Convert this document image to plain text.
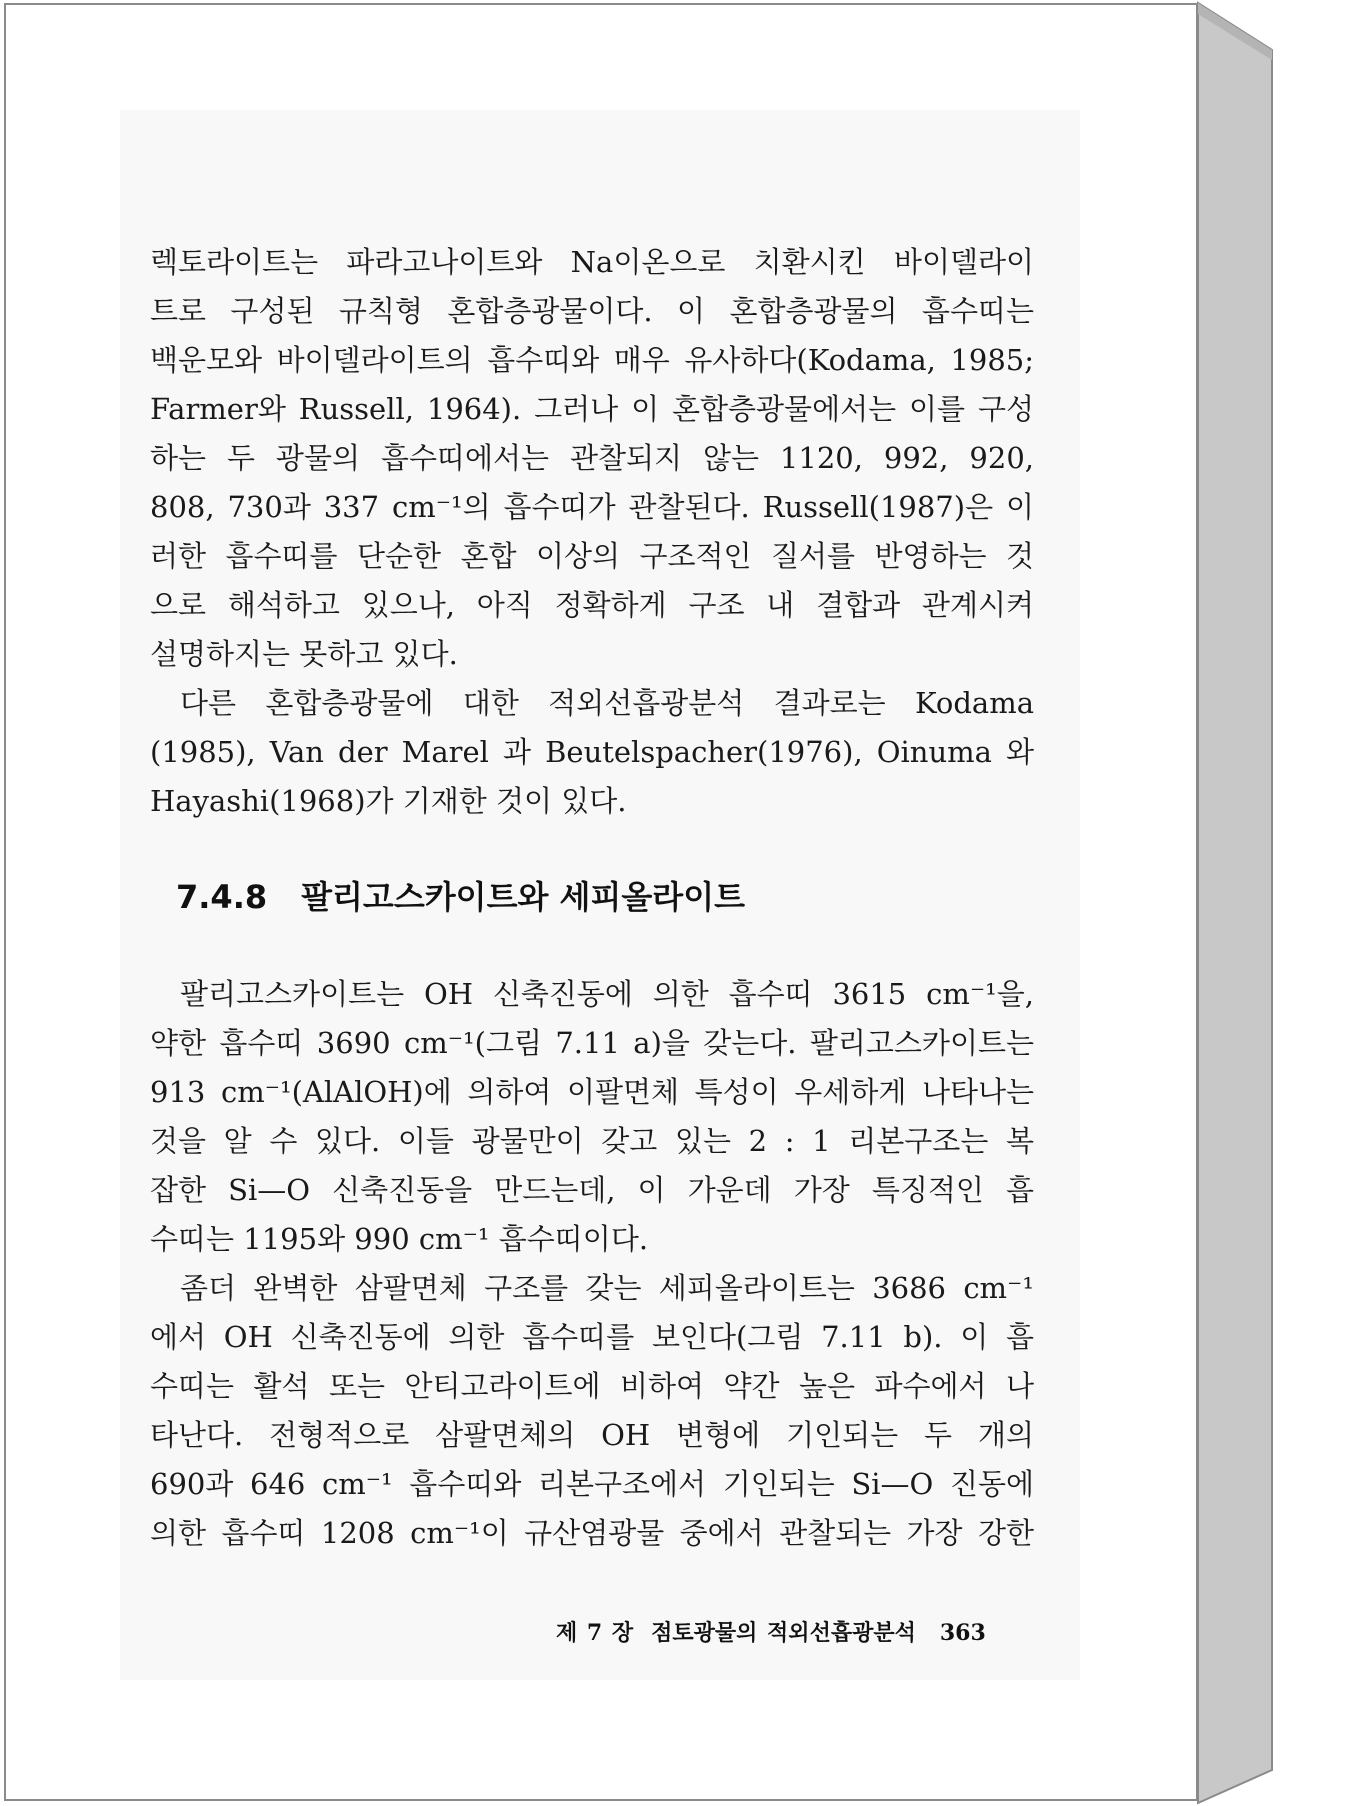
렉토라이트는 파라고나이트와 Na이온으로 치환시킨 바이델라이
트로 구성된 규칙형 혼합층광물이다. 이 혼합층광물의 흡수띠는
백운모와 바이델라이트의 흡수띠와 매우 유사하다(Kodama, 1985;
Farmer와 Russell, 1964). 그러나 이 혼합층광물에서는 이를 구성
하는 두 광물의 흡수띠에서는 관찰되지 않는 1120, 992, 920,
808, 730과 337 cm⁻¹의 흡수띠가 관찰된다. Russell(1987)은 이
러한 흡수띠를 단순한 혼합 이상의 구조적인 질서를 반영하는 것
으로 해석하고 있으나, 아직 정확하게 구조 내 결합과 관계시켜
설명하지는 못하고 있다.
다른 혼합층광물에 대한 적외선흡광분석 결과로는 Kodama
(1985), Van der Marel 과 Beutelspacher(1976), Oinuma 와
Hayashi(1968)가 기재한 것이 있다.
7.4.8 팔리고스카이트와 세피올라이트
팔리고스카이트는 OH 신축진동에 의한 흡수띠 3615 cm⁻¹을,
약한 흡수띠 3690 cm⁻¹(그림 7.11 a)을 갖는다. 팔리고스카이트는
913 cm⁻¹(AlAlOH)에 의하여 이팔면체 특성이 우세하게 나타나는
것을 알 수 있다. 이들 광물만이 갖고 있는 2 : 1 리본구조는 복
잡한 Si—O 신축진동을 만드는데, 이 가운데 가장 특징적인 흡
수띠는 1195와 990 cm⁻¹ 흡수띠이다.
좀더 완벽한 삼팔면체 구조를 갖는 세피올라이트는 3686 cm⁻¹
에서 OH 신축진동에 의한 흡수띠를 보인다(그림 7.11 b). 이 흡
수띠는 활석 또는 안티고라이트에 비하여 약간 높은 파수에서 나
타난다. 전형적으로 삼팔면체의 OH 변형에 기인되는 두 개의
690과 646 cm⁻¹ 흡수띠와 리본구조에서 기인되는 Si—O 진동에
의한 흡수띠 1208 cm⁻¹이 규산염광물 중에서 관찰되는 가장 강한
제 7 장 점토광물의 적외선흡광분석 363
